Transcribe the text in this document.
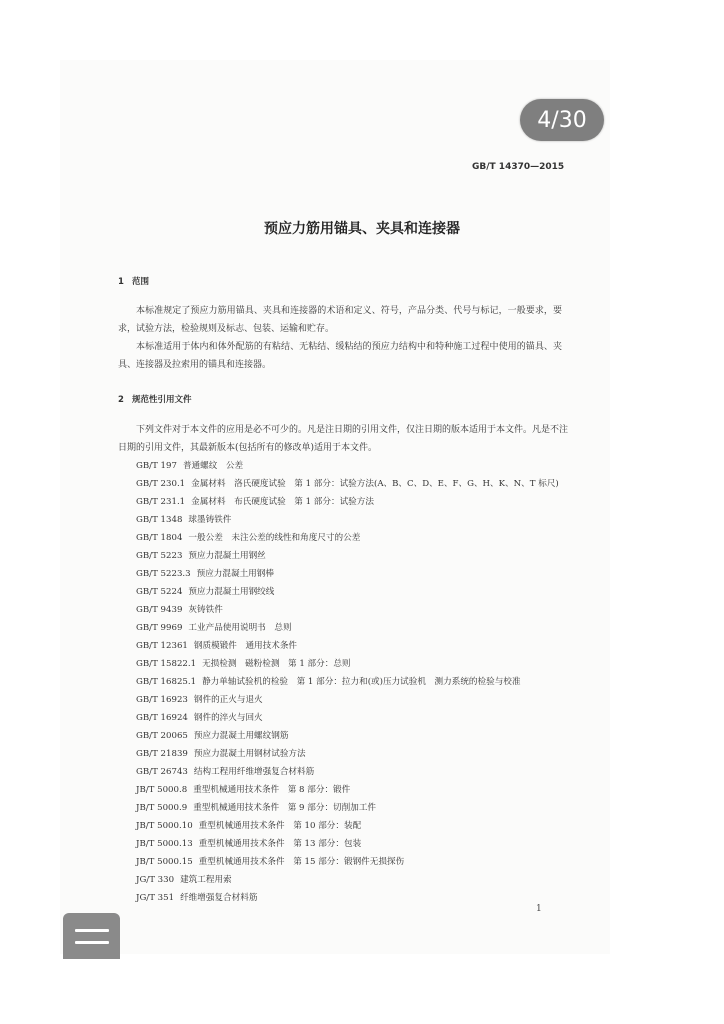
4/30
GB/T 14370—2015
预应力筋用锚具、夹具和连接器
1 范围

本标准规定了预应力筋用锚具、夹具和连接器的术语和定义、符号，产品分类、代号与标记，一般要求，要求，试验方法，检验规则及标志、包装、运输和贮存。

本标准适用于体内和体外配筋的有粘结、无粘结、缓粘结的预应力结构中和特种施工过程中使用的锚具、夹具、连接器及拉索用的锚具和连接器。

2 规范性引用文件

下列文件对于本文件的应用是必不可少的。凡是注日期的引用文件，仅注日期的版本适用于本文件。凡是不注日期的引用文件，其最新版本(包括所有的修改单)适用于本文件。

GB/T 197 普通螺纹　公差
GB/T 230.1 金属材料　洛氏硬度试验　第 1 部分：试验方法(A、B、C、D、E、F、G、H、K、N、T 标尺)
GB/T 231.1 金属材料　布氏硬度试验　第 1 部分：试验方法
GB/T 1348 球墨铸铁件
GB/T 1804 一般公差　未注公差的线性和角度尺寸的公差
GB/T 5223 预应力混凝土用钢丝
GB/T 5223.3 预应力混凝土用钢棒
GB/T 5224 预应力混凝土用钢绞线
GB/T 9439 灰铸铁件
GB/T 9969 工业产品使用说明书　总则
GB/T 12361 钢质模锻件　通用技术条件
GB/T 15822.1 无损检测　磁粉检测　第 1 部分：总则
GB/T 16825.1 静力单轴试验机的检验　第 1 部分：拉力和(或)压力试验机　测力系统的检验与校准
GB/T 16923 钢件的正火与退火
GB/T 16924 钢件的淬火与回火
GB/T 20065 预应力混凝土用螺纹钢筋
GB/T 21839 预应力混凝土用钢材试验方法
GB/T 26743 结构工程用纤维增强复合材料筋
JB/T 5000.8 重型机械通用技术条件　第 8 部分：锻件
JB/T 5000.9 重型机械通用技术条件　第 9 部分：切削加工件
JB/T 5000.10 重型机械通用技术条件　第 10 部分：装配
JB/T 5000.13 重型机械通用技术条件　第 13 部分：包装
JB/T 5000.15 重型机械通用技术条件　第 15 部分：锻钢件无损探伤
JG/T 330 建筑工程用索
JG/T 351 纤维增强复合材料筋
1
